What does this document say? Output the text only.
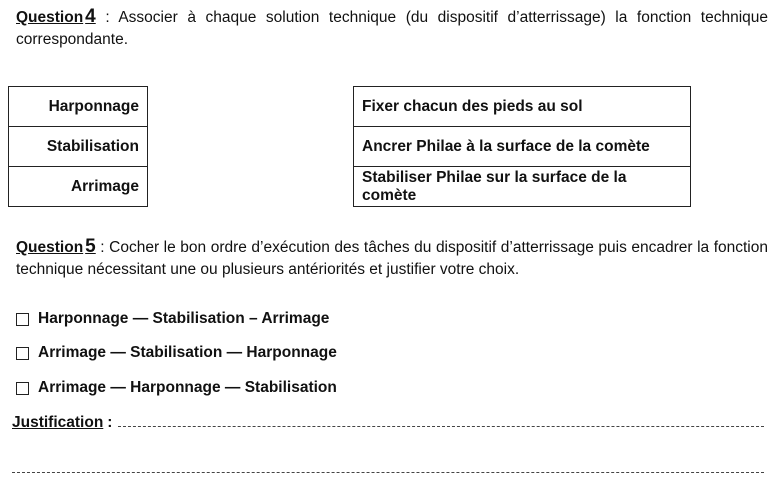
Question 4 : Associer à chaque solution technique (du dispositif d’atterrissage) la fonction technique correspondante.
Harponnage
Stabilisation
Arrimage
Fixer chacun des pieds au sol
Ancrer Philae à la surface de la comète
Stabiliser Philae sur la surface de la comète
Question 5 : Cocher le bon ordre d’exécution des tâches du dispositif d’atterrissage puis encadrer la fonction technique nécessitant une ou plusieurs antériorités et justifier votre choix.
Harponnage — Stabilisation – Arrimage
Arrimage — Stabilisation — Harponnage
Arrimage — Harponnage — Stabilisation
Justification :
